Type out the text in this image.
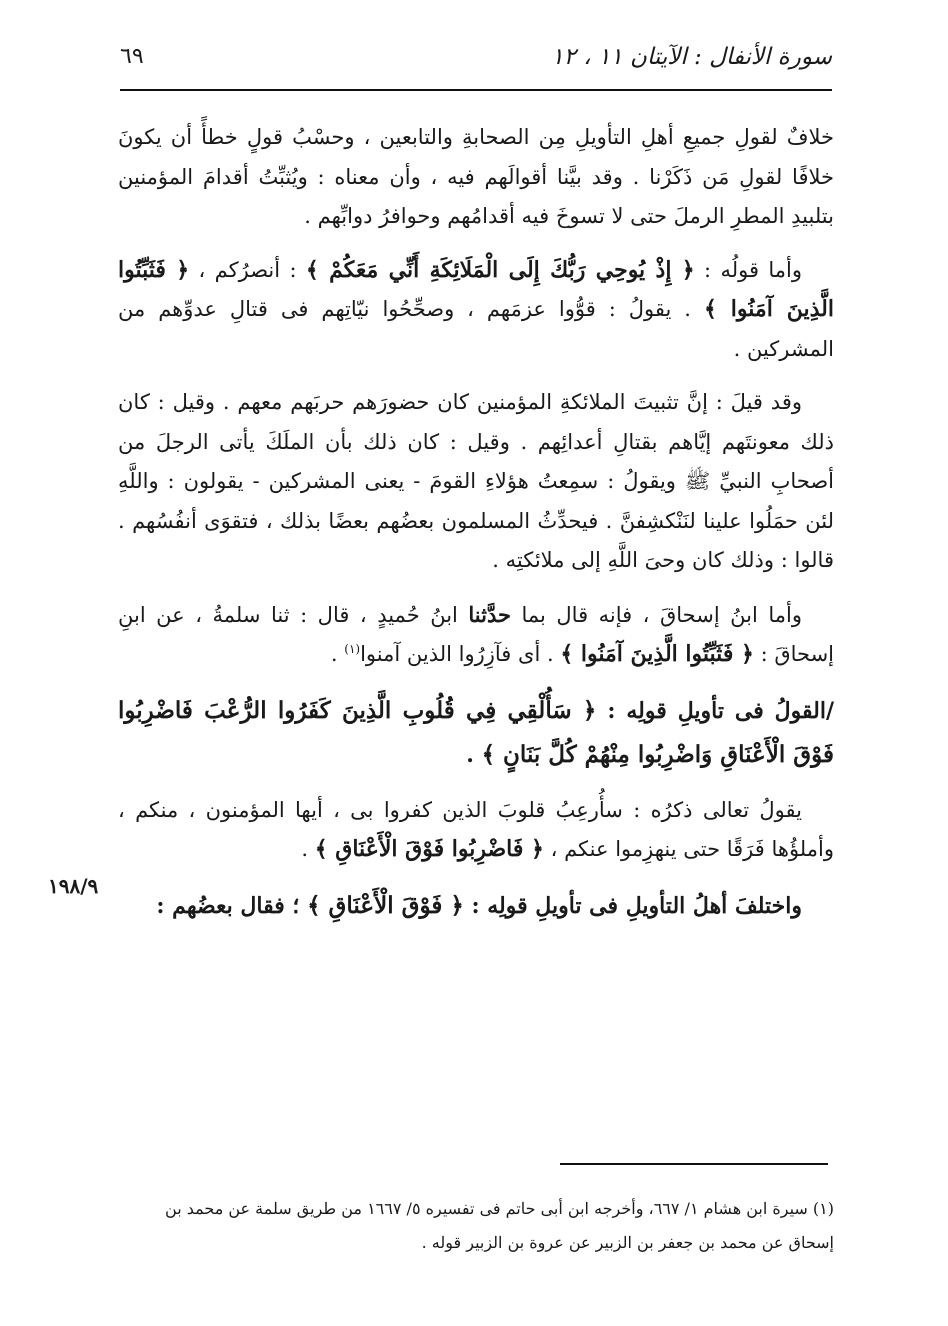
٦٩	سورة الأنفال : الآيتان ١١ ، ١٢
١٩٨/٩

خلافٌ لقولِ جميعِ أهلِ التأويلِ مِن الصحابةِ والتابعين ، وحسْبُ قولٍ خطأً أن يكونَ خلافًا لقولِ مَن ذَكَرْنا . وقد بيَّنا أقوالَهم فيه ، وأن معناه : ويُثبِّتُ أقدامَ المؤمنين بتلبيدِ المطرِ الرملَ حتى لا تسوخَ فيه أقدامُهم وحوافرُ دوابِّهم .

وأما قولُه : ﴿ إِذْ يُوحِي رَبُّكَ إِلَى الْمَلَائِكَةِ أَنِّي مَعَكُمْ ﴾ : أنصرُكم ، ﴿ فَثَبِّتُوا الَّذِينَ آمَنُوا ﴾ . يقولُ : قوُّوا عزمَهم ، وصحِّحُوا نيّاتِهم فى قتالِ عدوِّهم من المشركين .

وقد قيلَ : إنَّ تثبيتَ الملائكةِ المؤمنين كان حضورَهم حربَهم معهم . وقيل : كان ذلك معونتَهم إيَّاهم بقتالِ أعدائِهم . وقيل : كان ذلك بأن الملَكَ يأتى الرجلَ من أصحابِ النبيِّ ﷺ ويقولُ : سمِعتُ هؤلاءِ القومَ - يعنى المشركين - يقولون : واللَّهِ لئن حمَلُوا علينا لنَنْكشِفنَّ . فيحدِّثُ المسلمون بعضُهم بعضًا بذلك ، فتقوَى أنفُسُهم . قالوا : وذلك كان وحىَ اللَّهِ إلى ملائكتِه .

وأما ابنُ إسحاقَ ، فإنه قال بما حدَّثنا ابنُ حُميدٍ ، قال : ثنا سلمةُ ، عن ابنِ إسحاقَ : ﴿ فَثَبِّتُوا الَّذِينَ آمَنُوا ﴾ . أى فآزِرُوا الذين آمنوا$^{(١)}$ .

/القولُ فى تأويلِ قولِه : ﴿ سَأُلْقِي فِي قُلُوبِ الَّذِينَ كَفَرُوا الرُّعْبَ فَاضْرِبُوا فَوْقَ الْأَعْنَاقِ وَاضْرِبُوا مِنْهُمْ كُلَّ بَنَانٍ ﴾ .

يقولُ تعالى ذكرُه : سأُرعِبُ قلوبَ الذين كفروا بى ، أيها المؤمنون ، منكم ، وأملؤُها فَرَقًا حتى ينهزِموا عنكم ، ﴿ فَاضْرِبُوا فَوْقَ الْأَعْنَاقِ ﴾ .

واختلفَ أهلُ التأويلِ فى تأويلِ قولِه : ﴿ فَوْقَ الْأَعْنَاقِ ﴾ ؛ فقال بعضُهم :

(١) سيرة ابن هشام ١/ ٦٦٧، وأخرجه ابن أبى حاتم فى تفسيره ٥/ ١٦٦٧ من طريق سلمة عن محمد بن

إسحاق عن محمد بن جعفر بن الزبير عن عروة بن الزبير قوله .
